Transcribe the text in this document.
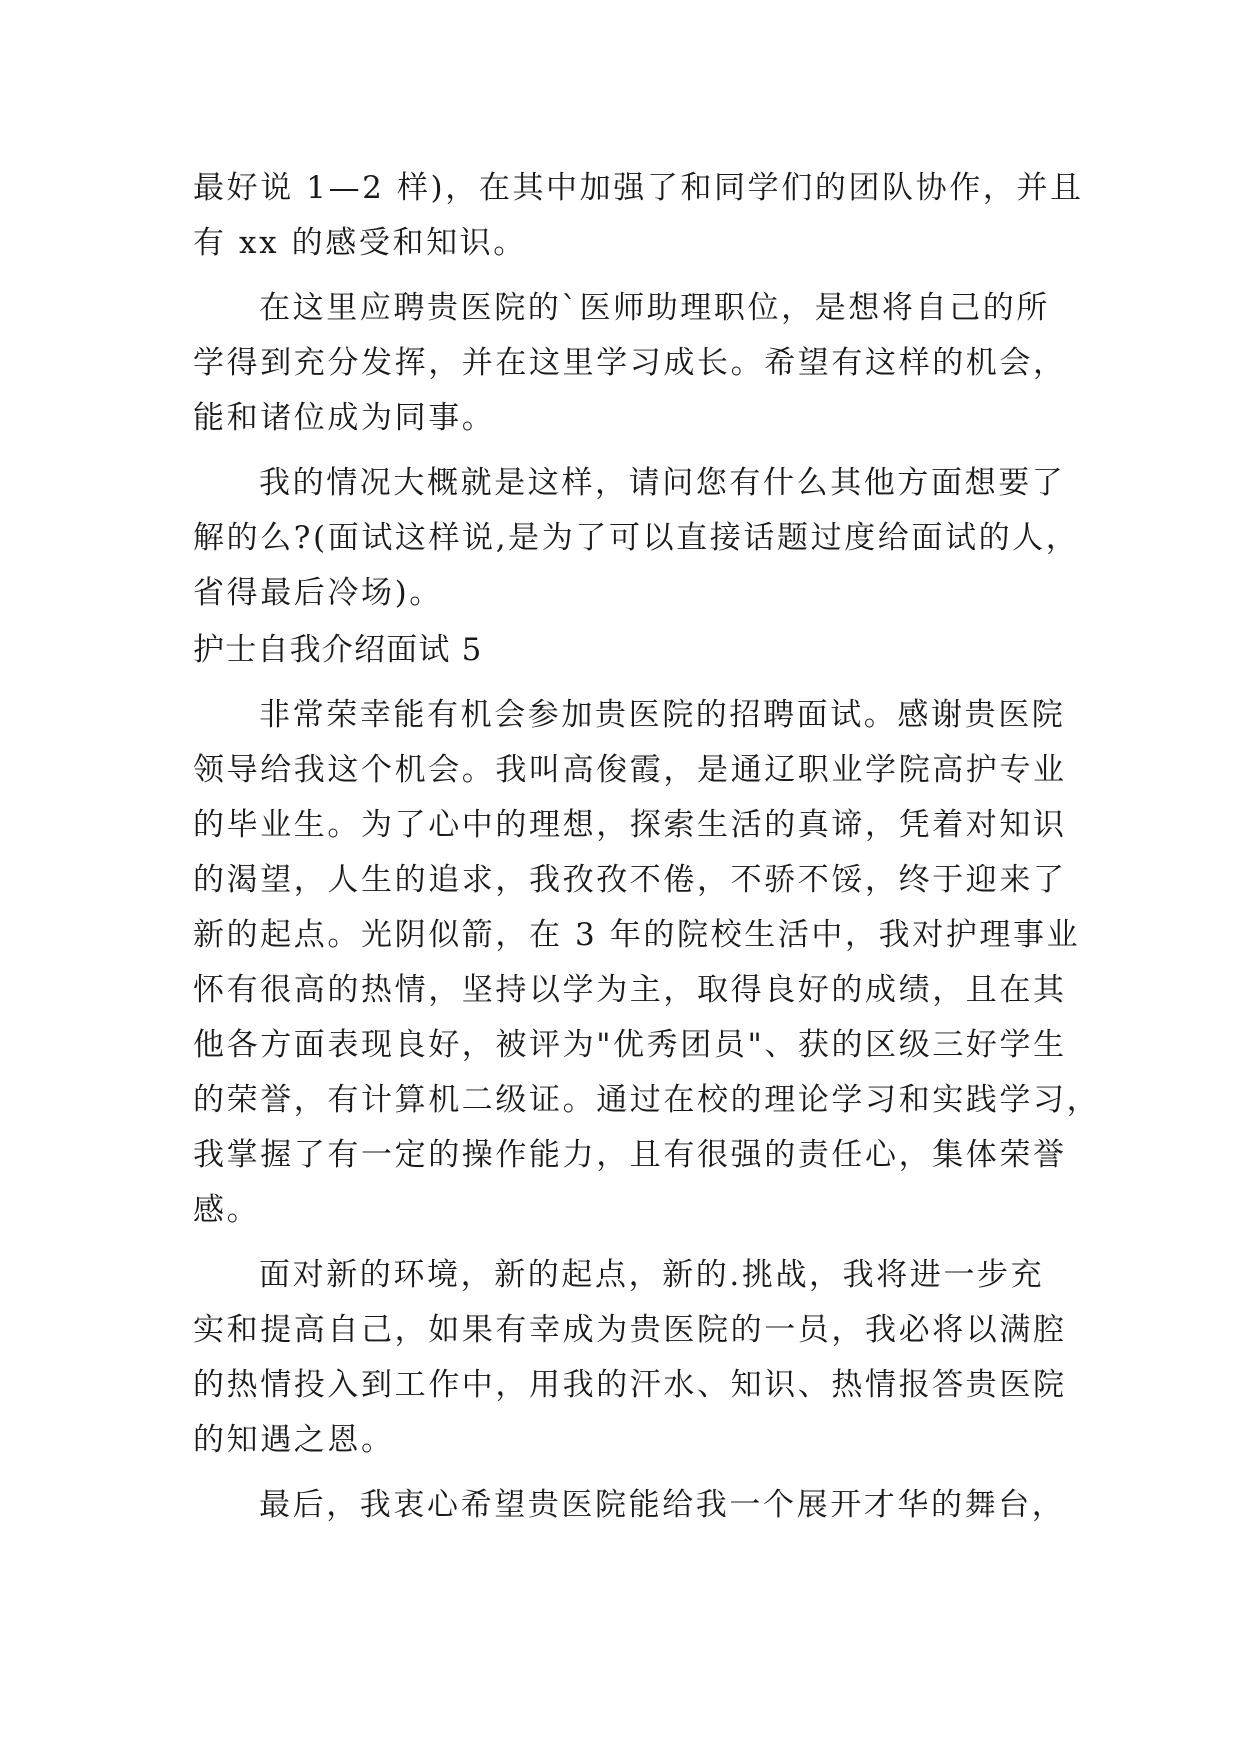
最好说 1—2 样)，在其中加强了和同学们的团队协作，并且
有 xx 的感受和知识。
在这里应聘贵医院的`医师助理职位，是想将自己的所
学得到充分发挥，并在这里学习成长。希望有这样的机会，
能和诸位成为同事。
我的情况大概就是这样，请问您有什么其他方面想要了
解的么?(面试这样说,是为了可以直接话题过度给面试的人，
省得最后冷场)。
护士自我介绍面试 5
非常荣幸能有机会参加贵医院的招聘面试。感谢贵医院
领导给我这个机会。我叫高俊霞，是通辽职业学院高护专业
的毕业生。为了心中的理想，探索生活的真谛，凭着对知识
的渴望，人生的追求，我孜孜不倦，不骄不馁，终于迎来了
新的起点。光阴似箭，在 3 年的院校生活中，我对护理事业
怀有很高的热情，坚持以学为主，取得良好的成绩，且在其
他各方面表现良好，被评为"优秀团员"、获的区级三好学生
的荣誉，有计算机二级证。通过在校的理论学习和实践学习，
我掌握了有一定的操作能力，且有很强的责任心，集体荣誉
感。
面对新的环境，新的起点，新的.挑战，我将进一步充
实和提高自己，如果有幸成为贵医院的一员，我必将以满腔
的热情投入到工作中，用我的汗水、知识、热情报答贵医院
的知遇之恩。
最后，我衷心希望贵医院能给我一个展开才华的舞台，
